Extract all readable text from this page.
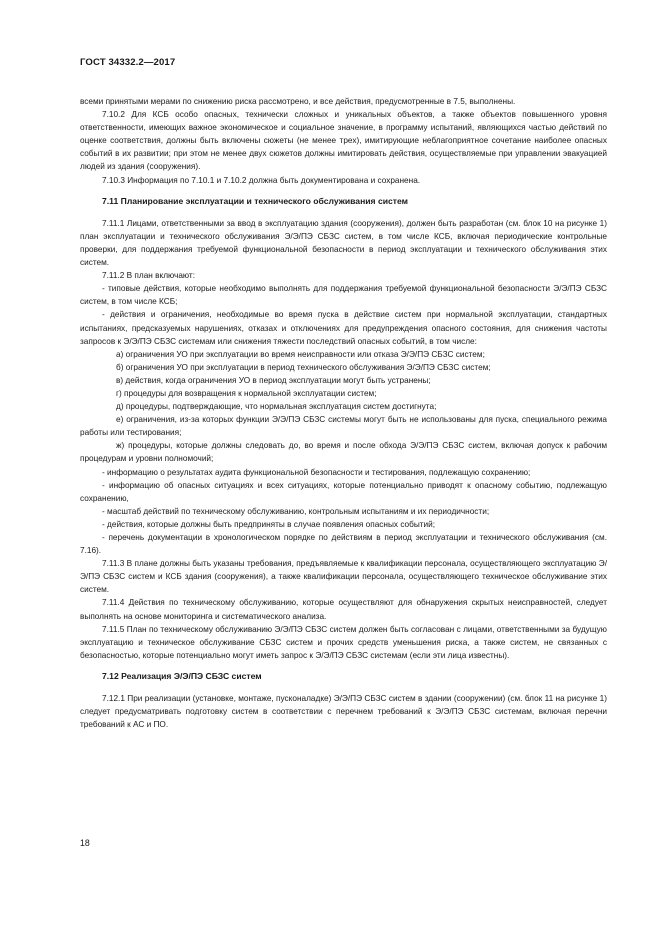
ГОСТ 34332.2—2017

всеми принятыми мерами по снижению риска рассмотрено, и все действия, предусмотренные в 7.5, выполнены.

7.10.2 Для КСБ особо опасных, технически сложных и уникальных объектов, а также объектов повышенного уровня ответственности, имеющих важное экономическое и социальное значение, в программу испытаний, являющихся частью действий по оценке соответствия, должны быть включены сюжеты (не менее трех), имитирующие неблагоприятное сочетание наиболее опасных событий в их развитии; при этом не менее двух сюжетов должны имитировать действия, осуществляемые при управлении эвакуацией людей из здания (сооружения).

7.10.3 Информация по 7.10.1 и 7.10.2 должна быть документирована и сохранена.

7.11 Планирование эксплуатации и технического обслуживания систем

7.11.1 Лицами, ответственными за ввод в эксплуатацию здания (сооружения), должен быть разработан (см. блок 10 на рисунке 1) план эксплуатации и технического обслуживания Э/Э/ПЭ СБЗС систем, в том числе КСБ, включая периодические контрольные проверки, для поддержания требуемой функциональной безопасности в период эксплуатации и технического обслуживания этих систем.

7.11.2 В план включают:

- типовые действия, которые необходимо выполнять для поддержания требуемой функциональной безопасности Э/Э/ПЭ СБЗС систем, в том числе КСБ;

- действия и ограничения, необходимые во время пуска в действие систем при нормальной эксплуатации, стандартных испытаниях, предсказуемых нарушениях, отказах и отключениях для предупреждения опасного состояния, для снижения частоты запросов к Э/Э/ПЭ СБЗС системам или снижения тяжести последствий опасных событий, в том числе:

а) ограничения УО при эксплуатации во время неисправности или отказа Э/Э/ПЭ СБЗС систем;

б) ограничения УО при эксплуатации в период технического обслуживания Э/Э/ПЭ СБЗС систем;

в) действия, когда ограничения УО в период эксплуатации могут быть устранены;

г) процедуры для возвращения к нормальной эксплуатации систем;

д) процедуры, подтверждающие, что нормальная эксплуатация систем достигнута;

е) ограничения, из-за которых функции Э/Э/ПЭ СБЗС системы могут быть не использованы для пуска, специального режима работы или тестирования;

ж) процедуры, которые должны следовать до, во время и после обхода Э/Э/ПЭ СБЗС систем, включая допуск к рабочим процедурам и уровни полномочий;

- информацию о результатах аудита функциональной безопасности и тестирования, подлежащую сохранению;

- информацию об опасных ситуациях и всех ситуациях, которые потенциально приводят к опасному событию, подлежащую сохранению,

- масштаб действий по техническому обслуживанию, контрольным испытаниям и их периодичности;

- действия, которые должны быть предприняты в случае появления опасных событий;

- перечень документации в хронологическом порядке по действиям в период эксплуатации и технического обслуживания (см. 7.16).

7.11.3 В плане должны быть указаны требования, предъявляемые к квалификации персонала, осуществляющего эксплуатацию Э/Э/ПЭ СБЗС систем и КСБ здания (сооружения), а также квалификации персонала, осуществляющего техническое обслуживание этих систем.

7.11.4 Действия по техническому обслуживанию, которые осуществляют для обнаружения скрытых неисправностей, следует выполнять на основе мониторинга и систематического анализа.

7.11.5 План по техническому обслуживанию Э/Э/ПЭ СБЗС систем должен быть согласован с лицами, ответственными за будущую эксплуатацию и техническое обслуживание СБЗС систем и прочих средств уменьшения риска, а также систем, не связанных с безопасностью, которые потенциально могут иметь запрос к Э/Э/ПЭ СБЗС системам (если эти лица известны).

7.12 Реализация Э/Э/ПЭ СБЗС систем

7.12.1 При реализации (установке, монтаже, пусконаладке) Э/Э/ПЭ СБЗС систем в здании (сооружении) (см. блок 11 на рисунке 1) следует предусматривать подготовку систем в соответствии с перечнем требований к Э/Э/ПЭ СБЗС системам, включая перечни требований к АС и ПО.

18
